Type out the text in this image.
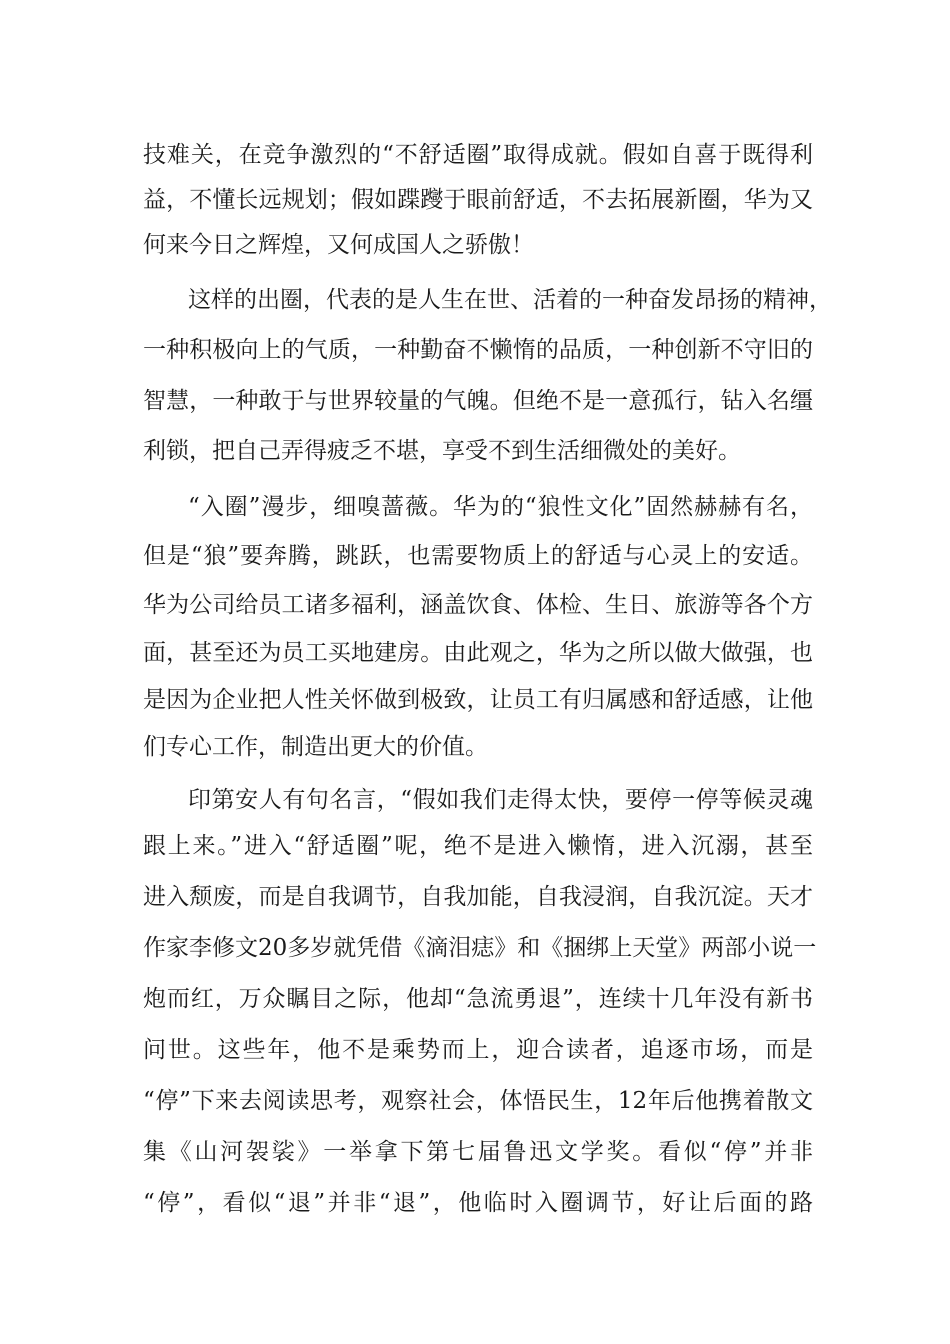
技难关，在竞争激烈的“不舒适圈”取得成就。假如自喜于既得利
益，不懂长远规划；假如蹀躞于眼前舒适，不去拓展新圈，华为又
何来今日之辉煌，又何成国人之骄傲！
这样的出圈，代表的是人生在世、活着的一种奋发昂扬的精神，
一种积极向上的气质，一种勤奋不懒惰的品质，一种创新不守旧的
智慧，一种敢于与世界较量的气魄。但绝不是一意孤行，钻入名缰
利锁，把自己弄得疲乏不堪，享受不到生活细微处的美好。
“入圈”漫步，细嗅蔷薇。华为的“狼性文化”固然赫赫有名，
但是“狼”要奔腾，跳跃，也需要物质上的舒适与心灵上的安适。
华为公司给员工诸多福利，涵盖饮食、体检、生日、旅游等各个方
面，甚至还为员工买地建房。由此观之，华为之所以做大做强，也
是因为企业把人性关怀做到极致，让员工有归属感和舒适感，让他
们专心工作，制造出更大的价值。
印第安人有句名言，“假如我们走得太快，要停一停等候灵魂
跟上来。”进入“舒适圈”呢，绝不是进入懒惰，进入沉溺，甚至
进入颓废，而是自我调节，自我加能，自我浸润，自我沉淀。天才
作家李修文20多岁就凭借《滴泪痣》和《捆绑上天堂》两部小说一
炮而红，万众瞩目之际，他却“急流勇退”，连续十几年没有新书
问世。这些年，他不是乘势而上，迎合读者，追逐市场，而是
“停”下来去阅读思考，观察社会，体悟民生，12年后他携着散文
集《山河袈裟》一举拿下第七届鲁迅文学奖。看似“停”并非
“停”，看似“退”并非“退”，他临时入圈调节，好让后面的路
